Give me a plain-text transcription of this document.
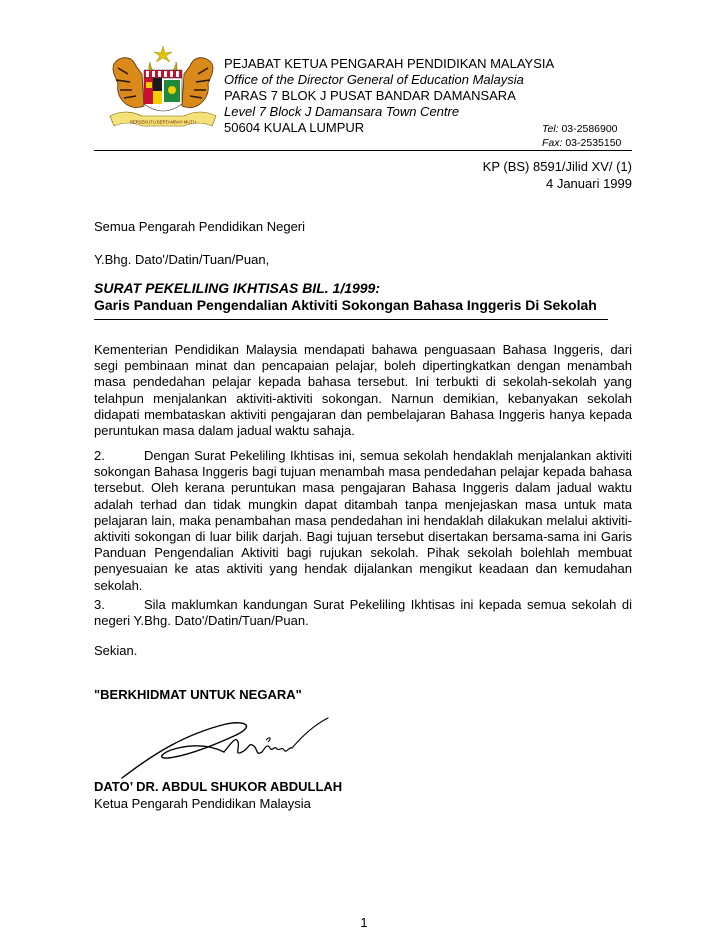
BERSEKUTU BERTAMBAH MUTU
PEJABAT KETUA PENGARAH PENDIDIKAN MALAYSIA
Office of the Director General of Education Malaysia
PARAS 7 BLOK J PUSAT BANDAR DAMANSARA
Level 7 Block J Damansara Town Centre
50604 KUALA LUMPUR	Tel: 03-2586900
Fax: 03-2535150
KP (BS) 8591/Jilid XV/ (1)
4 Januari 1999
Semua Pengarah Pendidikan Negeri
Y.Bhg. Dato'/Datin/Tuan/Puan,
SURAT PEKELILING IKHTISAS BIL. 1/1999:
Garis Panduan Pengendalian Aktiviti Sokongan Bahasa Inggeris Di Sekolah
Kementerian Pendidikan Malaysia mendapati bahawa penguasaan Bahasa Inggeris, dari segi pembinaan minat dan pencapaian pelajar, boleh dipertingkatkan dengan menambah masa pendedahan pelajar kepada bahasa tersebut. Ini terbukti di sekolah-sekolah yang telahpun menjalankan aktiviti-aktiviti sokongan. Narnun demikian, kebanyakan sekolah didapati membataskan aktiviti pengajaran dan pembelajaran Bahasa Inggeris hanya kepada peruntukan masa dalam jadual waktu sahaja.
2.	Dengan Surat Pekeliling Ikhtisas ini, semua sekolah hendaklah menjalankan aktiviti sokongan Bahasa Inggeris bagi tujuan menambah masa pendedahan pelajar kepada bahasa tersebut. Oleh kerana peruntukan masa pengajaran Bahasa Inggeris dalam jadual waktu adalah terhad dan tidak mungkin dapat ditambah tanpa menjejaskan masa untuk mata pelajaran lain, maka penambahan masa pendedahan ini hendaklah dilakukan melalui aktiviti-aktiviti sokongan di luar bilik darjah. Bagi tujuan tersebut disertakan bersama-sama ini Garis Panduan Pengendalian Aktiviti bagi rujukan sekolah. Pihak sekolah bolehlah membuat penyesuaian ke atas aktiviti yang hendak dijalankan mengikut keadaan dan kemudahan sekolah.
3.	Sila maklumkan kandungan Surat Pekeliling Ikhtisas ini kepada semua sekolah di negeri Y.Bhg. Dato'/Datin/Tuan/Puan.
Sekian.
"BERKHIDMAT UNTUK NEGARA"
DATO’ DR. ABDUL SHUKOR ABDULLAH
Ketua Pengarah Pendidikan Malaysia
1
